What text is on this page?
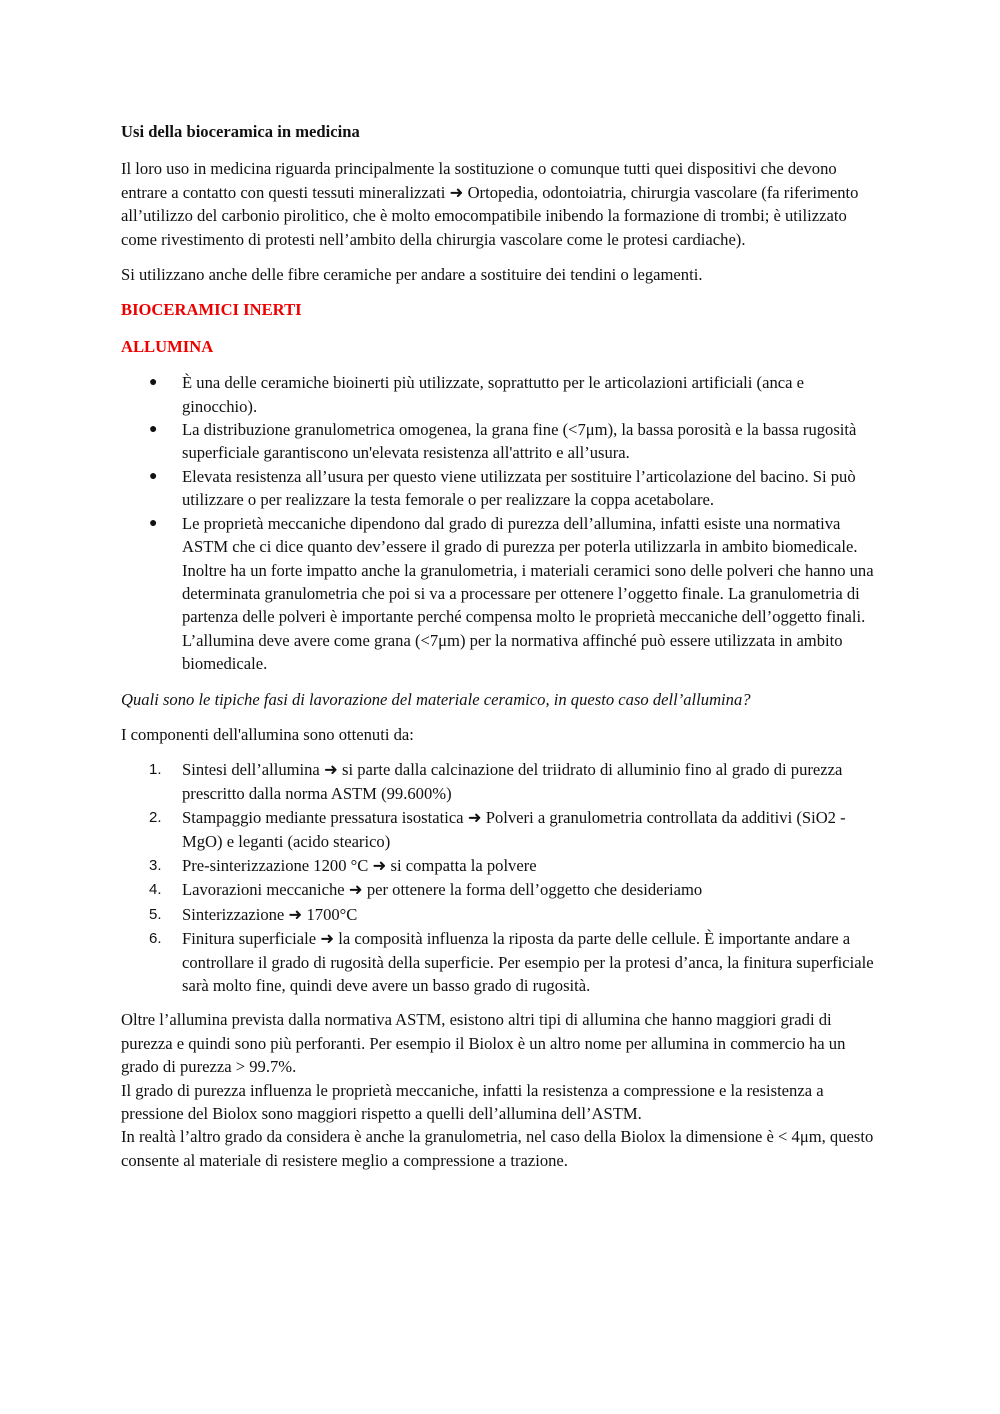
Usi della bioceramica in medicina

Il loro uso in medicina riguarda principalmente la sostituzione o comunque tutti quei dispositivi che devono entrare a contatto con questi tessuti mineralizzati ➜ Ortopedia, odontoiatria, chirurgia vascolare (fa riferimento all’utilizzo del carbonio pirolitico, che è molto emocompatibile inibendo la formazione di trombi; è utilizzato come rivestimento di protesti nell’ambito della chirurgia vascolare come le protesi cardiache).

Si utilizzano anche delle fibre ceramiche per andare a sostituire dei tendini o legamenti.

BIOCERAMICI INERTI

ALLUMINA

● È una delle ceramiche bioinerti più utilizzate, soprattutto per le articolazioni artificiali (anca e ginocchio).
● La distribuzione granulometrica omogenea, la grana fine (<7μm), la bassa porosità e la bassa rugosità superficiale garantiscono un'elevata resistenza all'attrito e all’usura.
● Elevata resistenza all’usura per questo viene utilizzata per sostituire l’articolazione del bacino. Si può utilizzare o per realizzare la testa femorale o per realizzare la coppa acetabolare.
● Le proprietà meccaniche dipendono dal grado di purezza dell’allumina, infatti esiste una normativa ASTM che ci dice quanto dev’essere il grado di purezza per poterla utilizzarla in ambito biomedicale. Inoltre ha un forte impatto anche la granulometria, i materiali ceramici sono delle polveri che hanno una determinata granulometria che poi si va a processare per ottenere l’oggetto finale. La granulometria di partenza delle polveri è importante perché compensa molto le proprietà meccaniche dell’oggetto finali. L’allumina deve avere come grana (<7μm) per la normativa affinché può essere utilizzata in ambito biomedicale.

Quali sono le tipiche fasi di lavorazione del materiale ceramico, in questo caso dell’allumina?

I componenti dell'allumina sono ottenuti da:

1. Sintesi dell’allumina ➜ si parte dalla calcinazione del triidrato di alluminio fino al grado di purezza prescritto dalla norma ASTM (99.600%)
2. Stampaggio mediante pressatura isostatica ➜ Polveri a granulometria controllata da additivi (SiO2 - MgO) e leganti (acido stearico)
3. Pre-sinterizzazione 1200 °C ➜ si compatta la polvere
4. Lavorazioni meccaniche ➜ per ottenere la forma dell’oggetto che desideriamo
5. Sinterizzazione ➜ 1700°C
6. Finitura superficiale ➜ la composità influenza la riposta da parte delle cellule. È importante andare a controllare il grado di rugosità della superficie. Per esempio per la protesi d’anca, la finitura superficiale sarà molto fine, quindi deve avere un basso grado di rugosità.

Oltre l’allumina prevista dalla normativa ASTM, esistono altri tipi di allumina che hanno maggiori gradi di purezza e quindi sono più perforanti. Per esempio il Biolox è un altro nome per allumina in commercio ha un grado di purezza > 99.7%.

Il grado di purezza influenza le proprietà meccaniche, infatti la resistenza a compressione e la resistenza a pressione del Biolox sono maggiori rispetto a quelli dell’allumina dell’ASTM.

In realtà l’altro grado da considera è anche la granulometria, nel caso della Biolox la dimensione è < 4μm, questo consente al materiale di resistere meglio a compressione a trazione.
